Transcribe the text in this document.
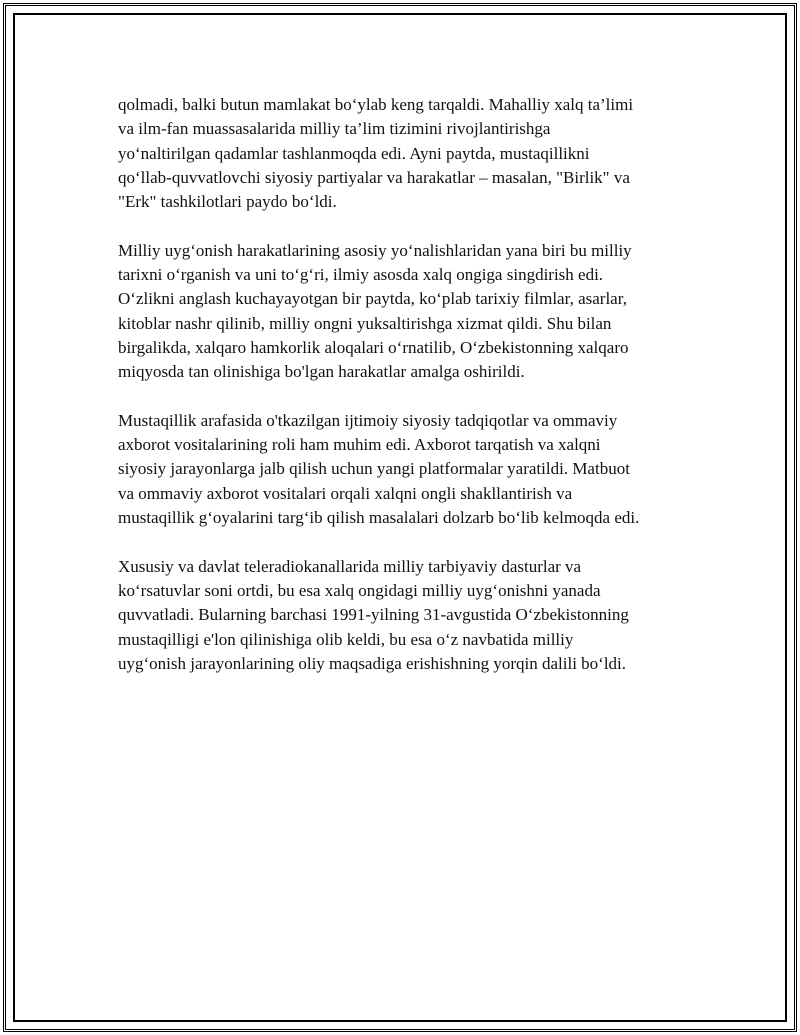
qolmadi, balki butun mamlakat bo‘ylab keng tarqaldi. Mahalliy xalq ta’limi
va ilm-fan muassasalarida milliy ta’lim tizimini rivojlantirishga
yo‘naltirilgan qadamlar tashlanmoqda edi. Ayni paytda, mustaqillikni
qo‘llab-quvvatlovchi siyosiy partiyalar va harakatlar – masalan, "Birlik" va
"Erk" tashkilotlari paydo bo‘ldi.

Milliy uyg‘onish harakatlarining asosiy yo‘nalishlaridan yana biri bu milliy
tarixni o‘rganish va uni to‘g‘ri, ilmiy asosda xalq ongiga singdirish edi.
O‘zlikni anglash kuchayayotgan bir paytda, ko‘plab tarixiy filmlar, asarlar,
kitoblar nashr qilinib, milliy ongni yuksaltirishga xizmat qildi. Shu bilan
birgalikda, xalqaro hamkorlik aloqalari o‘rnatilib, O‘zbekistonning xalqaro
miqyosda tan olinishiga bo'lgan harakatlar amalga oshirildi.

Mustaqillik arafasida o'tkazilgan ijtimoiy siyosiy tadqiqotlar va ommaviy
axborot vositalarining roli ham muhim edi. Axborot tarqatish va xalqni
siyosiy jarayonlarga jalb qilish uchun yangi platformalar yaratildi. Matbuot
va ommaviy axborot vositalari orqali xalqni ongli shakllantirish va
mustaqillik g‘oyalarini targ‘ib qilish masalalari dolzarb bo‘lib kelmoqda edi.

Xususiy va davlat teleradiokanallarida milliy tarbiyaviy dasturlar va
ko‘rsatuvlar soni ortdi, bu esa xalq ongidagi milliy uyg‘onishni yanada
quvvatladi. Bularning barchasi 1991-yilning 31-avgustida O‘zbekistonning
mustaqilligi e'lon qilinishiga olib keldi, bu esa o‘z navbatida milliy
uyg‘onish jarayonlarining oliy maqsadiga erishishning yorqin dalili bo‘ldi.
